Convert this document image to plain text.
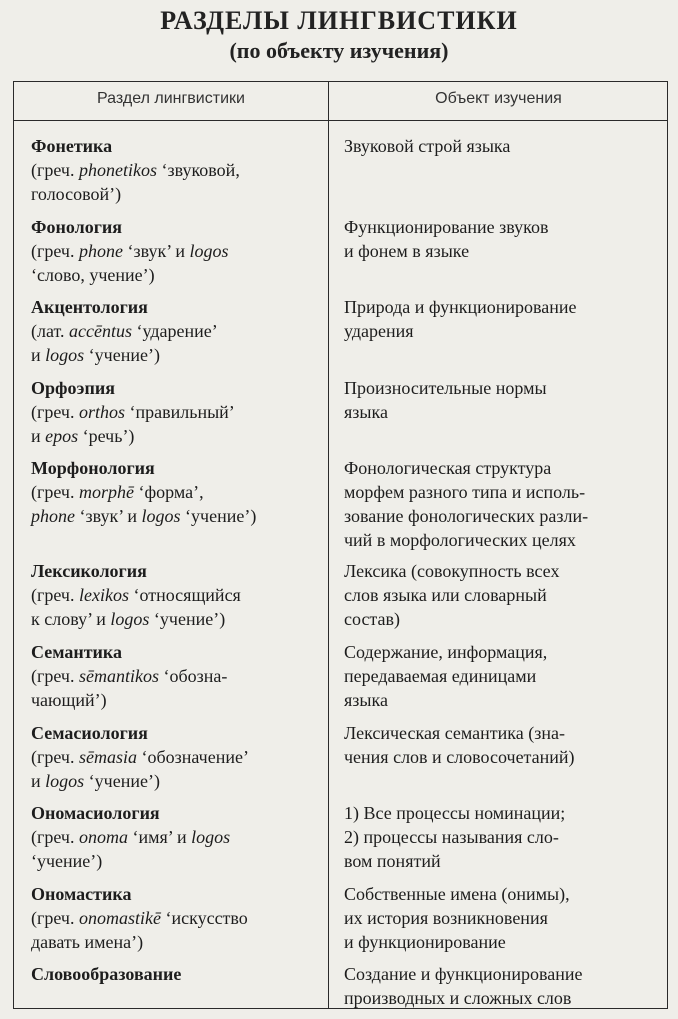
РАЗДЕЛЫ ЛИНГВИСТИКИ
(по объекту изучения)
Раздел лингвистики	Объект изучения
Фонетика
(греч. phonetikos ‘звуковой,
голосовой’)
Звуковой строй языка
Фонология
(греч. phone ‘звук’ и logos
‘слово, учение’)
Функционирование звуков
и фонем в языке
Акцентология
(лат. accēntus ‘ударение’
и logos ‘учение’)
Природа и функционирование
ударения
Орфоэпия
(греч. orthos ‘правильный’
и epos ‘речь’)
Произносительные нормы
языка
Морфонология
(греч. morphē ‘форма’,
phone ‘звук’ и logos ‘учение’)
Фонологическая структура
морфем разного типа и исполь-
зование фонологических разли-
чий в морфологических целях
Лексикология
(греч. lexikos ‘относящийся
к слову’ и logos ‘учение’)
Лексика (совокупность всех
слов языка или словарный
состав)
Семантика
(греч. sēmantikos ‘обозна-
чающий’)
Содержание, информация,
передаваемая единицами
языка
Семасиология
(греч. sēmasia ‘обозначение’
и logos ‘учение’)
Лексическая семантика (зна-
чения слов и словосочетаний)
Ономасиология
(греч. onoma ‘имя’ и logos
‘учение’)
1) Все процессы номинации;
2) процессы называния сло-
вом понятий
Ономастика
(греч. onomastikē ‘искусство
давать имена’)
Собственные имена (онимы),
их история возникновения
и функционирование
Словообразование	Создание и функционирование
производных и сложных слов
